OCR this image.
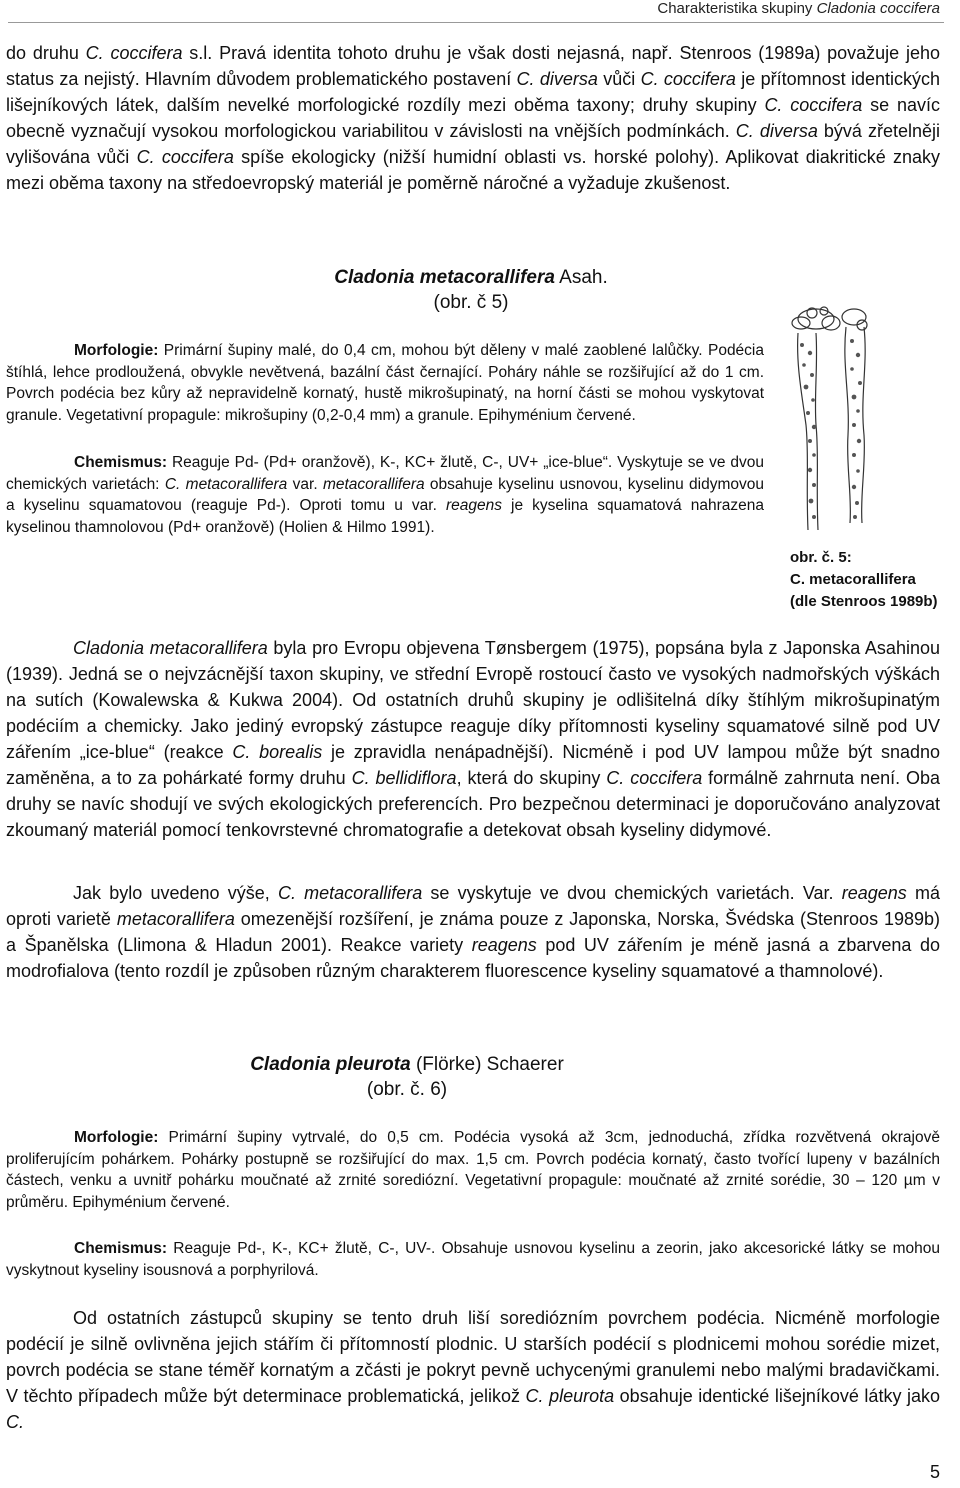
Charakteristika skupiny Cladonia coccifera

do druhu C. coccifera s.l. Pravá identita tohoto druhu je však dosti nejasná, např. Stenroos (1989a) považuje jeho status za nejistý. Hlavním důvodem problematického postavení C. diversa vůči C. coccifera je přítomnost identických lišejníkových látek, dalším nevelké morfologické rozdíly mezi oběma taxony; druhy skupiny C. coccifera se navíc obecně vyznačují vysokou morfologickou variabilitou v závislosti na vnějších podmínkách. C. diversa bývá zřetelněji vylišována vůči C. coccifera spíše ekologicky (nižší humidní oblasti vs. horské polohy). Aplikovat diakritické znaky mezi oběma taxony na středoevropský materiál je poměrně náročné a vyžaduje zkušenost.

Cladonia metacorallifera Asah.
(obr. č 5)

Morfologie: Primární šupiny malé, do 0,4 cm, mohou být děleny v malé zaoblené lalůčky. Podécia štíhlá, lehce prodloužená, obvykle nevětvená, bazální část černající. Poháry náhle se rozšiřující až do 1 cm. Povrch podécia bez kůry až nepravidelně kornatý, hustě mikrošupinatý, na horní části se mohou vyskytovat granule. Vegetativní propagule: mikrošupiny (0,2-0,4 mm) a granule. Epihyménium červené.

Chemismus: Reaguje Pd- (Pd+ oranžově), K-, KC+ žlutě, C-, UV+ „ice-blue“. Vyskytuje se ve dvou chemických varietách: C. metacorallifera var. metacorallifera obsahuje kyselinu usnovou, kyselinu didymovou a kyselinu squamatovou (reaguje Pd-). Oproti tomu u var. reagens je kyselina squamatová nahrazena kyselinou thamnolovou (Pd+ oranžově) (Holien & Hilmo 1991).

obr. č. 5:
C. metacorallifera
(dle Stenroos 1989b)

Cladonia metacorallifera byla pro Evropu objevena Tønsbergem (1975), popsána byla z Japonska Asahinou (1939). Jedná se o nejvzácnější taxon skupiny, ve střední Evropě rostoucí často ve vysokých nadmořských výškách na sutích (Kowalewska & Kukwa 2004). Od ostatních druhů skupiny je odlišitelná díky štíhlým mikrošupinatým podéciím a chemicky. Jako jediný evropský zástupce reaguje díky přítomnosti kyseliny squamatové silně pod UV zářením „ice-blue“ (reakce C. borealis je zpravidla nenápadnější). Nicméně i pod UV lampou může být snadno zaměněna, a to za pohárkaté formy druhu C. bellidiflora, která do skupiny C. coccifera formálně zahrnuta není. Oba druhy se navíc shodují ve svých ekologických preferencích. Pro bezpečnou determinaci je doporučováno analyzovat zkoumaný materiál pomocí tenkovrstevné chromatografie a detekovat obsah kyseliny didymové.

Jak bylo uvedeno výše, C. metacorallifera se vyskytuje ve dvou chemických varietách. Var. reagens má oproti varietě metacorallifera omezenější rozšíření, je známa pouze z Japonska, Norska, Švédska (Stenroos 1989b) a Španělska (Llimona & Hladun 2001). Reakce variety reagens pod UV zářením je méně jasná a zbarvena do modrofialova (tento rozdíl je způsoben různým charakterem fluorescence kyseliny squamatové a thamnolové).

Cladonia pleurota (Flörke) Schaerer
(obr. č. 6)

Morfologie: Primární šupiny vytrvalé, do 0,5 cm. Podécia vysoká až 3cm, jednoduchá, zřídka rozvětvená okrajově proliferujícím pohárkem. Pohárky postupně se rozšiřující do max. 1,5 cm. Povrch podécia kornatý, často tvořící lupeny v bazálních částech, venku a uvnitř pohárku moučnaté až zrnité sorediózní. Vegetativní propagule: moučnaté až zrnité sorédie, 30 – 120 µm v průměru. Epihyménium červené.

Chemismus: Reaguje Pd-, K-, KC+ žlutě, C-, UV-. Obsahuje usnovou kyselinu a zeorin, jako akcesorické látky se mohou vyskytnout kyseliny isousnová a porphyrilová.

Od ostatních zástupců skupiny se tento druh liší sorediózním povrchem podécia. Nicméně morfologie podécií je silně ovlivněna jejich stářím či přítomností plodnic. U starších podécií s plodnicemi mohou sorédie mizet, povrch podécia se stane téměř kornatým a zčásti je pokryt pevně uchycenými granulemi nebo malými bradavičkami. V těchto případech může být determinace problematická, jelikož C. pleurota obsahuje identické lišejníkové látky jako C.

5
